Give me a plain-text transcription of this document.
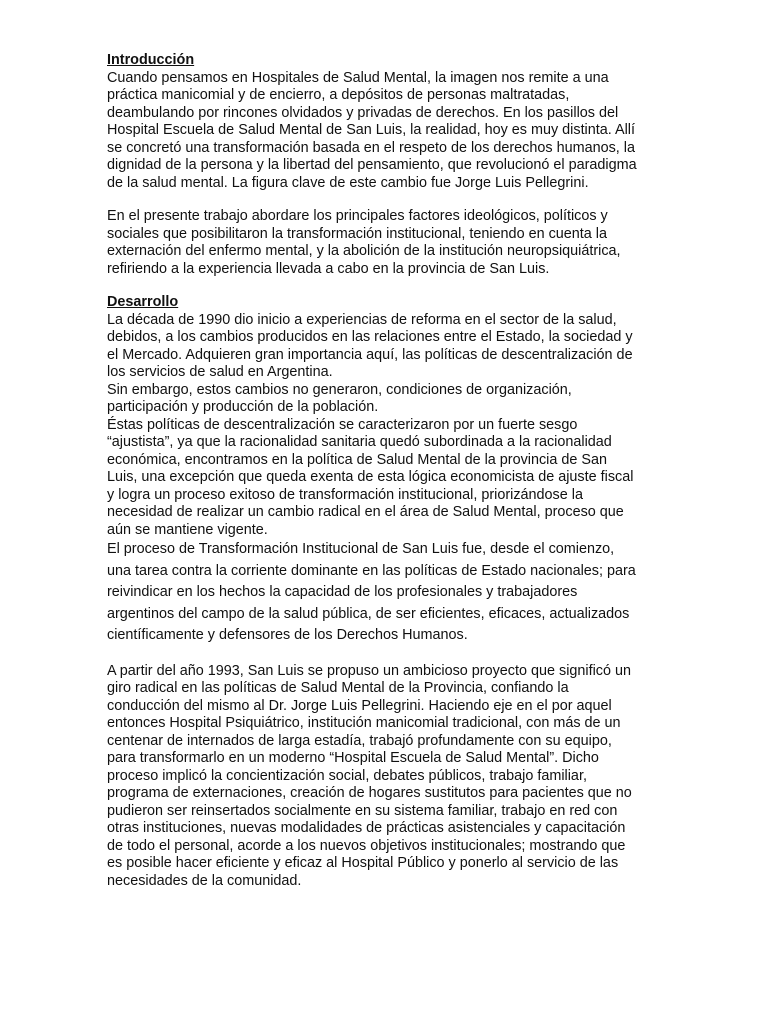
Introducción

Cuando pensamos en Hospitales de Salud Mental, la imagen nos remite a una
práctica manicomial y de encierro, a depósitos de personas maltratadas,
deambulando por rincones olvidados y privadas de derechos. En los pasillos del
Hospital Escuela de Salud Mental de San Luis, la realidad, hoy es muy distinta. Allí
se concretó una transformación basada en el respeto de los derechos humanos, la
dignidad de la persona y la libertad del pensamiento, que revolucionó el paradigma
de la salud mental. La figura clave de este cambio fue Jorge Luis Pellegrini.

En el presente trabajo abordare los principales factores ideológicos, políticos y
sociales que posibilitaron la transformación institucional, teniendo en cuenta la
externación del enfermo mental, y la abolición de la institución neuropsiquiátrica,
refiriendo a la experiencia llevada a cabo en la provincia de San Luis.

Desarrollo

La década de 1990 dio inicio a experiencias de reforma en el sector de la salud,
debidos, a los cambios producidos en las relaciones entre el Estado, la sociedad y
el Mercado. Adquieren gran importancia aquí, las políticas de descentralización de
los servicios de salud en Argentina.
Sin embargo, estos cambios no generaron, condiciones de organización,
participación y producción de la población.
Éstas políticas de descentralización se caracterizaron por un fuerte sesgo
“ajustista”, ya que la racionalidad sanitaria quedó subordinada a la racionalidad
económica, encontramos en la política de Salud Mental de la provincia de San
Luis, una excepción que queda exenta de esta lógica economicista de ajuste fiscal
y logra un proceso exitoso de transformación institucional, priorizándose la
necesidad de realizar un cambio radical en el área de Salud Mental, proceso que
aún se mantiene vigente.

El proceso de Transformación Institucional de San Luis fue, desde el comienzo,
una tarea contra la corriente dominante en las políticas de Estado nacionales; para
reivindicar en los hechos la capacidad de los profesionales y trabajadores
argentinos del campo de la salud pública, de ser eficientes, eficaces, actualizados
científicamente y defensores de los Derechos Humanos.

A partir del año 1993, San Luis se propuso un ambicioso proyecto que significó un
giro radical en las políticas de Salud Mental de la Provincia, confiando la
conducción del mismo al Dr. Jorge Luis Pellegrini. Haciendo eje en el por aquel
entonces Hospital Psiquiátrico, institución manicomial tradicional, con más de un
centenar de internados de larga estadía, trabajó profundamente con su equipo,
para transformarlo en un moderno “Hospital Escuela de Salud Mental”. Dicho
proceso implicó la concientización social, debates públicos, trabajo familiar,
programa de externaciones, creación de hogares sustitutos para pacientes que no
pudieron ser reinsertados socialmente en su sistema familiar, trabajo en red con
otras instituciones, nuevas modalidades de prácticas asistenciales y capacitación
de todo el personal, acorde a los nuevos objetivos institucionales; mostrando que
es posible hacer eficiente y eficaz al Hospital Público y ponerlo al servicio de las
necesidades de la comunidad.
